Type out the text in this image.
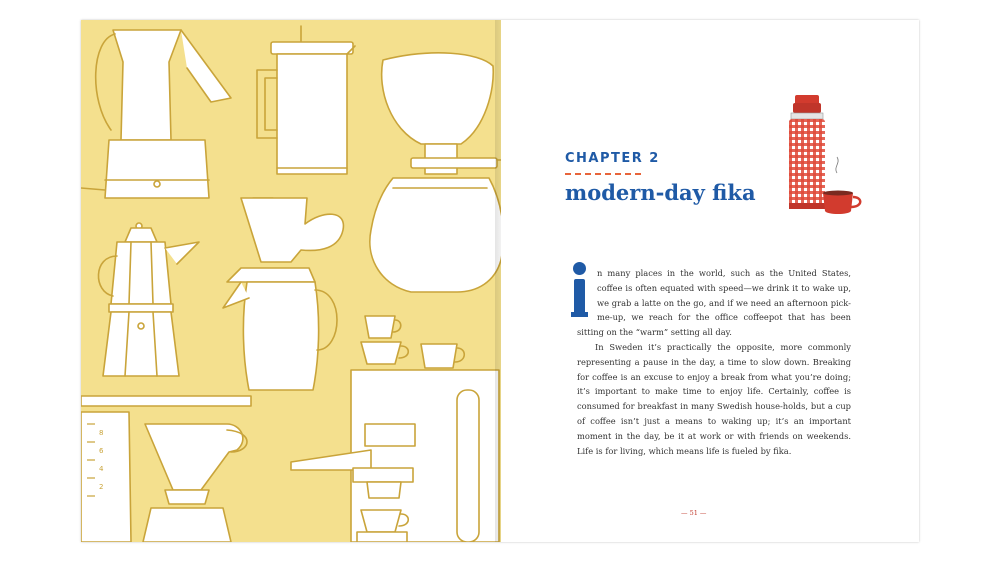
8
6
4
2
CHAPTER 2
modern-day fika

n many places in the world, such as the United States, coffee is often equated with speed—we drink it to wake up, we grab a latte on the go, and if we need an afternoon pick-me-up, we reach for the office coffeepot that has been sitting on the “warm” setting all day.

In Sweden it’s practically the opposite, more commonly representing a pause in the day, a time to slow down. Breaking for coffee is an excuse to enjoy a break from what you’re doing; it’s important to make time to enjoy life. Certainly, coffee is consumed for breakfast in many Swedish house-holds, but a cup of coffee isn’t just a means to waking up; it’s an important moment in the day, be it at work or with friends on weekends. Life is for living, which means life is fueled by fika.

— 51 —
